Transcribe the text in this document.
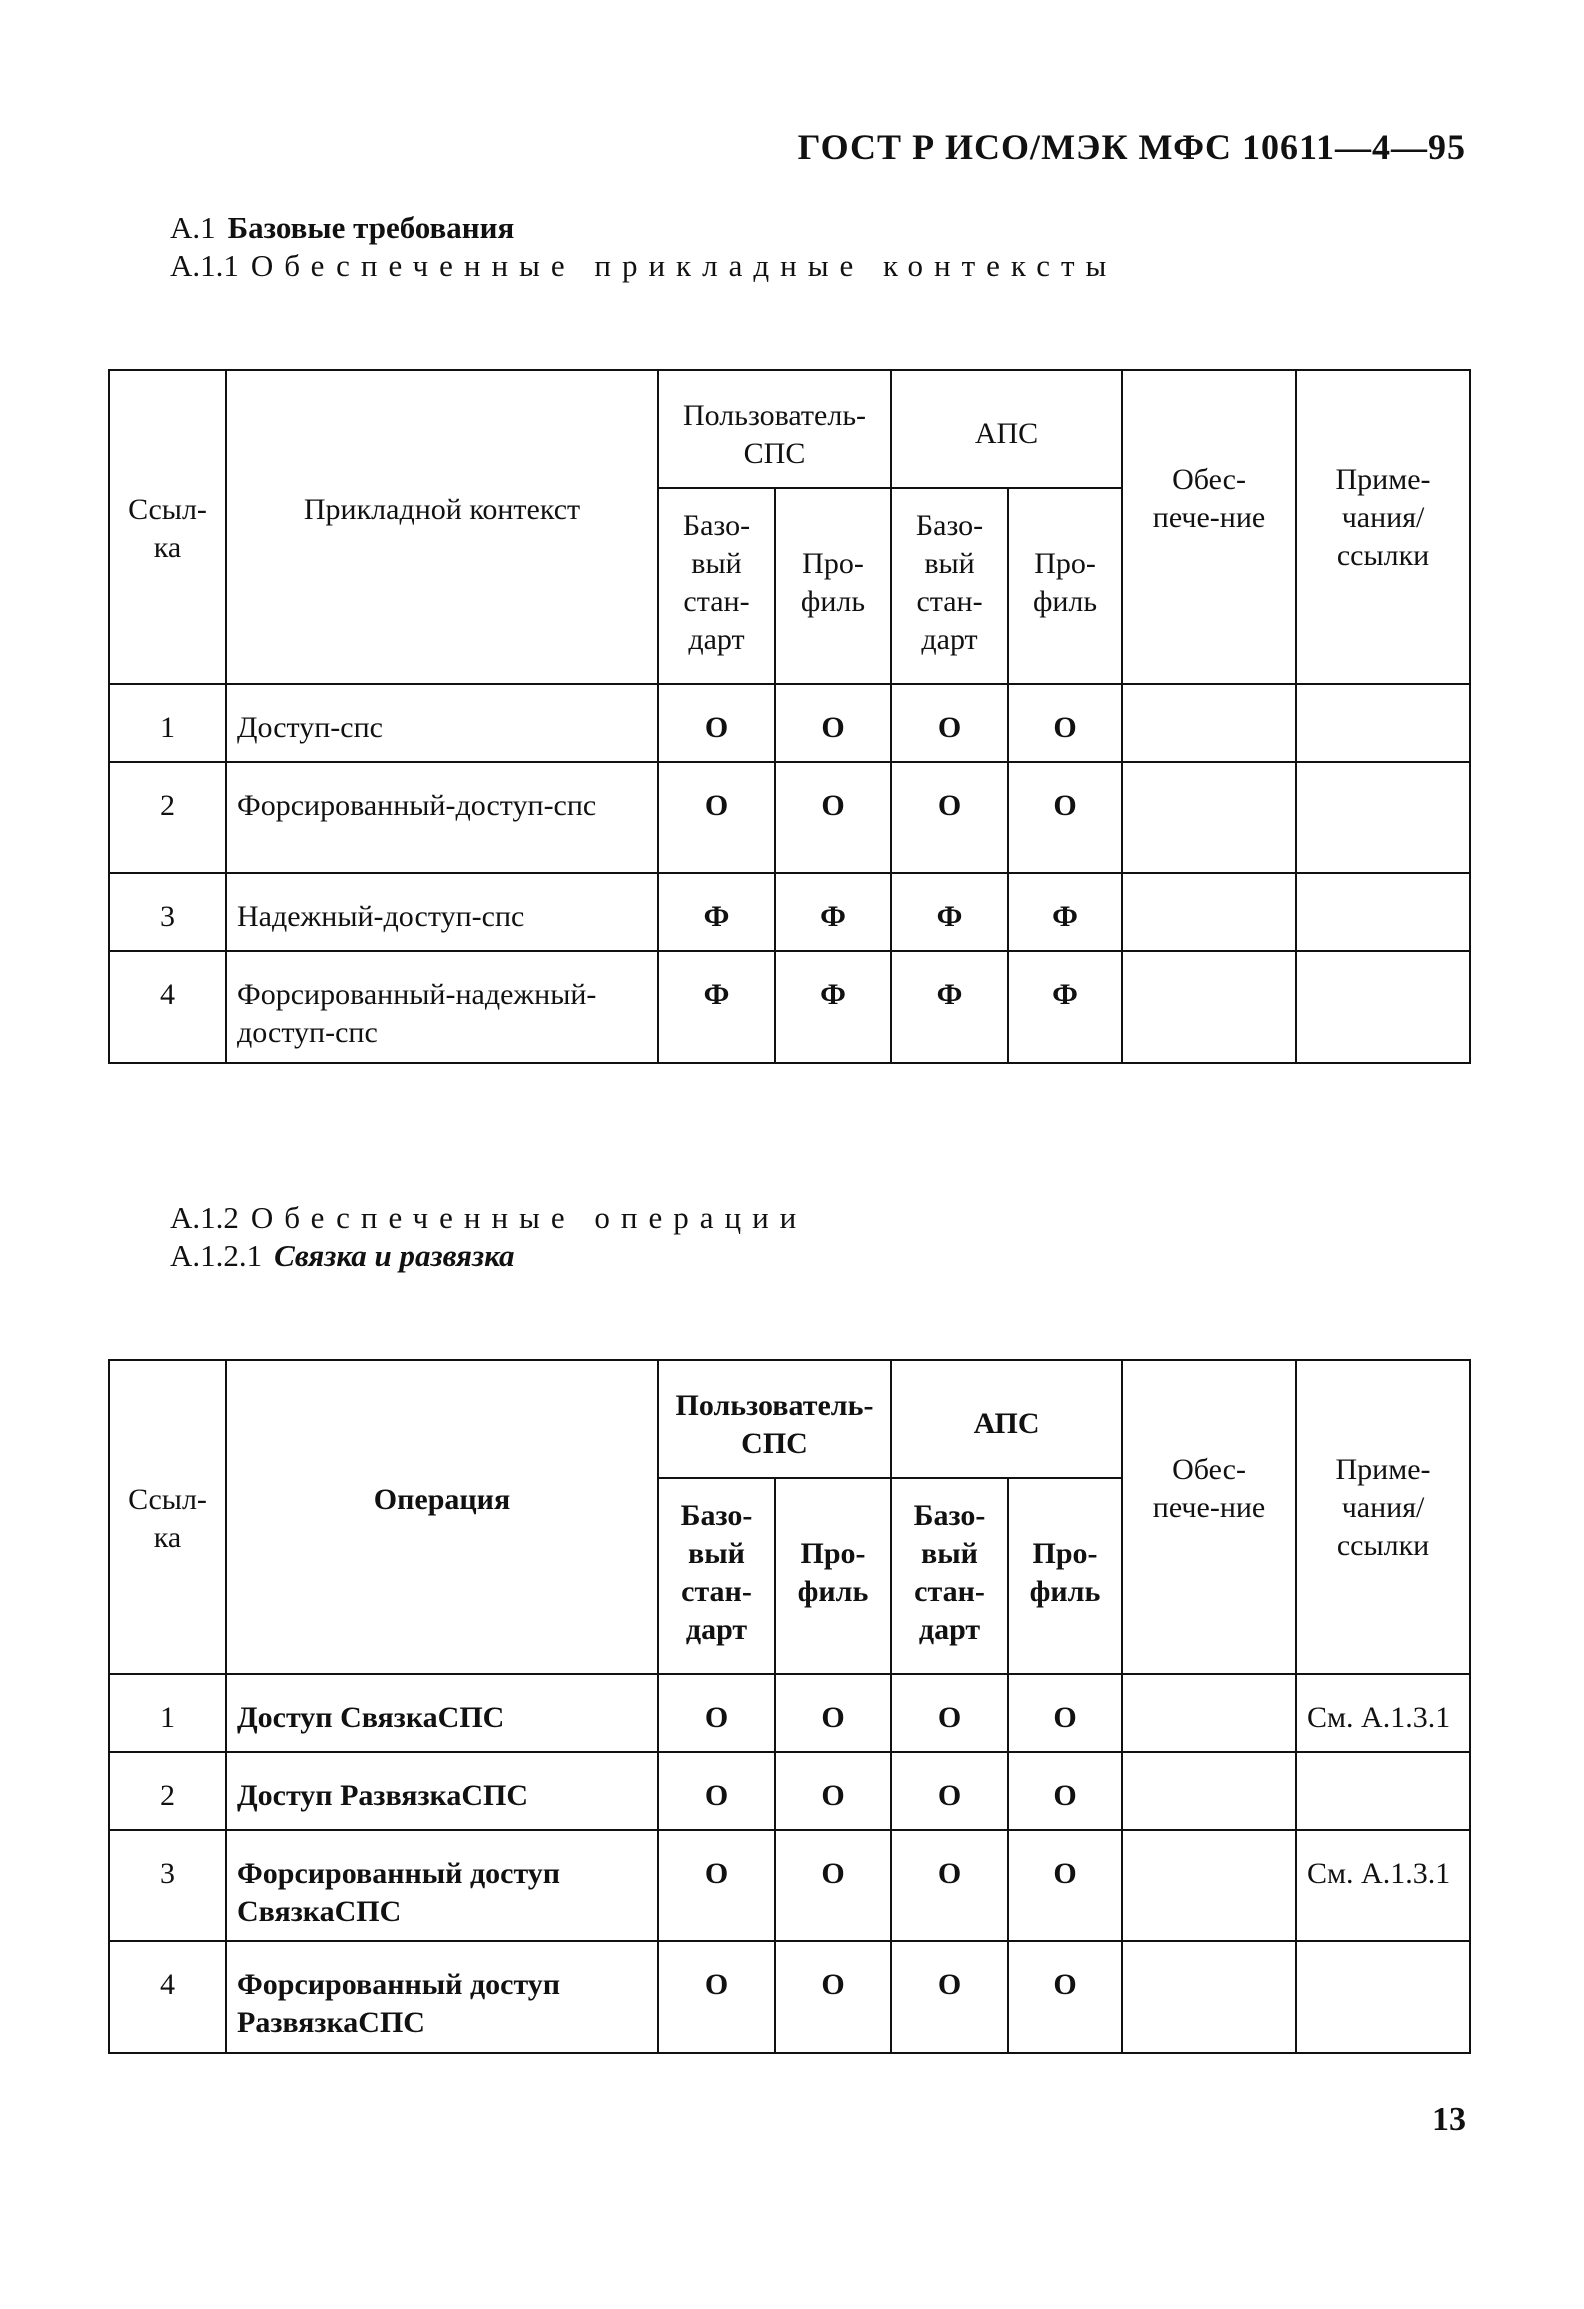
ГОСТ Р ИСО/МЭК МФС 10611—4—95
А.1 Базовые требования
А.1.1 Обеспеченные прикладные контексты
Ссыл-ка	Прикладной контекст	Пользователь-СПС		АПС		Обес-пече-ние	Приме-чания/ссылки

		Базо-вый стан-дарт	Про-филь	Базо-вый стан-дарт	Про-филь		

1	Доступ-спс	О	О	О	О		
2	Форсированный-доступ-спс	О	О	О	О		
3	Надежный-доступ-спс	Ф	Ф	Ф	Ф		
4	Форсированный-надежный-доступ-спс	Ф	Ф	Ф	Ф		
А.1.2 Обеспеченные операции
А.1.2.1 Связка и развязка
Ссыл-ка	Операция	Пользователь-СПС		АПС		Обес-пече-ние	Приме-чания/ссылки

		Базо-вый стан-дарт	Про-филь	Базо-вый стан-дарт	Про-филь		

1	Доступ СвязкаСПС	О	О	О	О		См. А.1.3.1
2	Доступ РазвязкаСПС	О	О	О	О		
3	Форсированный доступ СвязкаСПС	О	О	О	О		См. А.1.3.1
4	Форсированный доступ РазвязкаСПС	О	О	О	О		
13
